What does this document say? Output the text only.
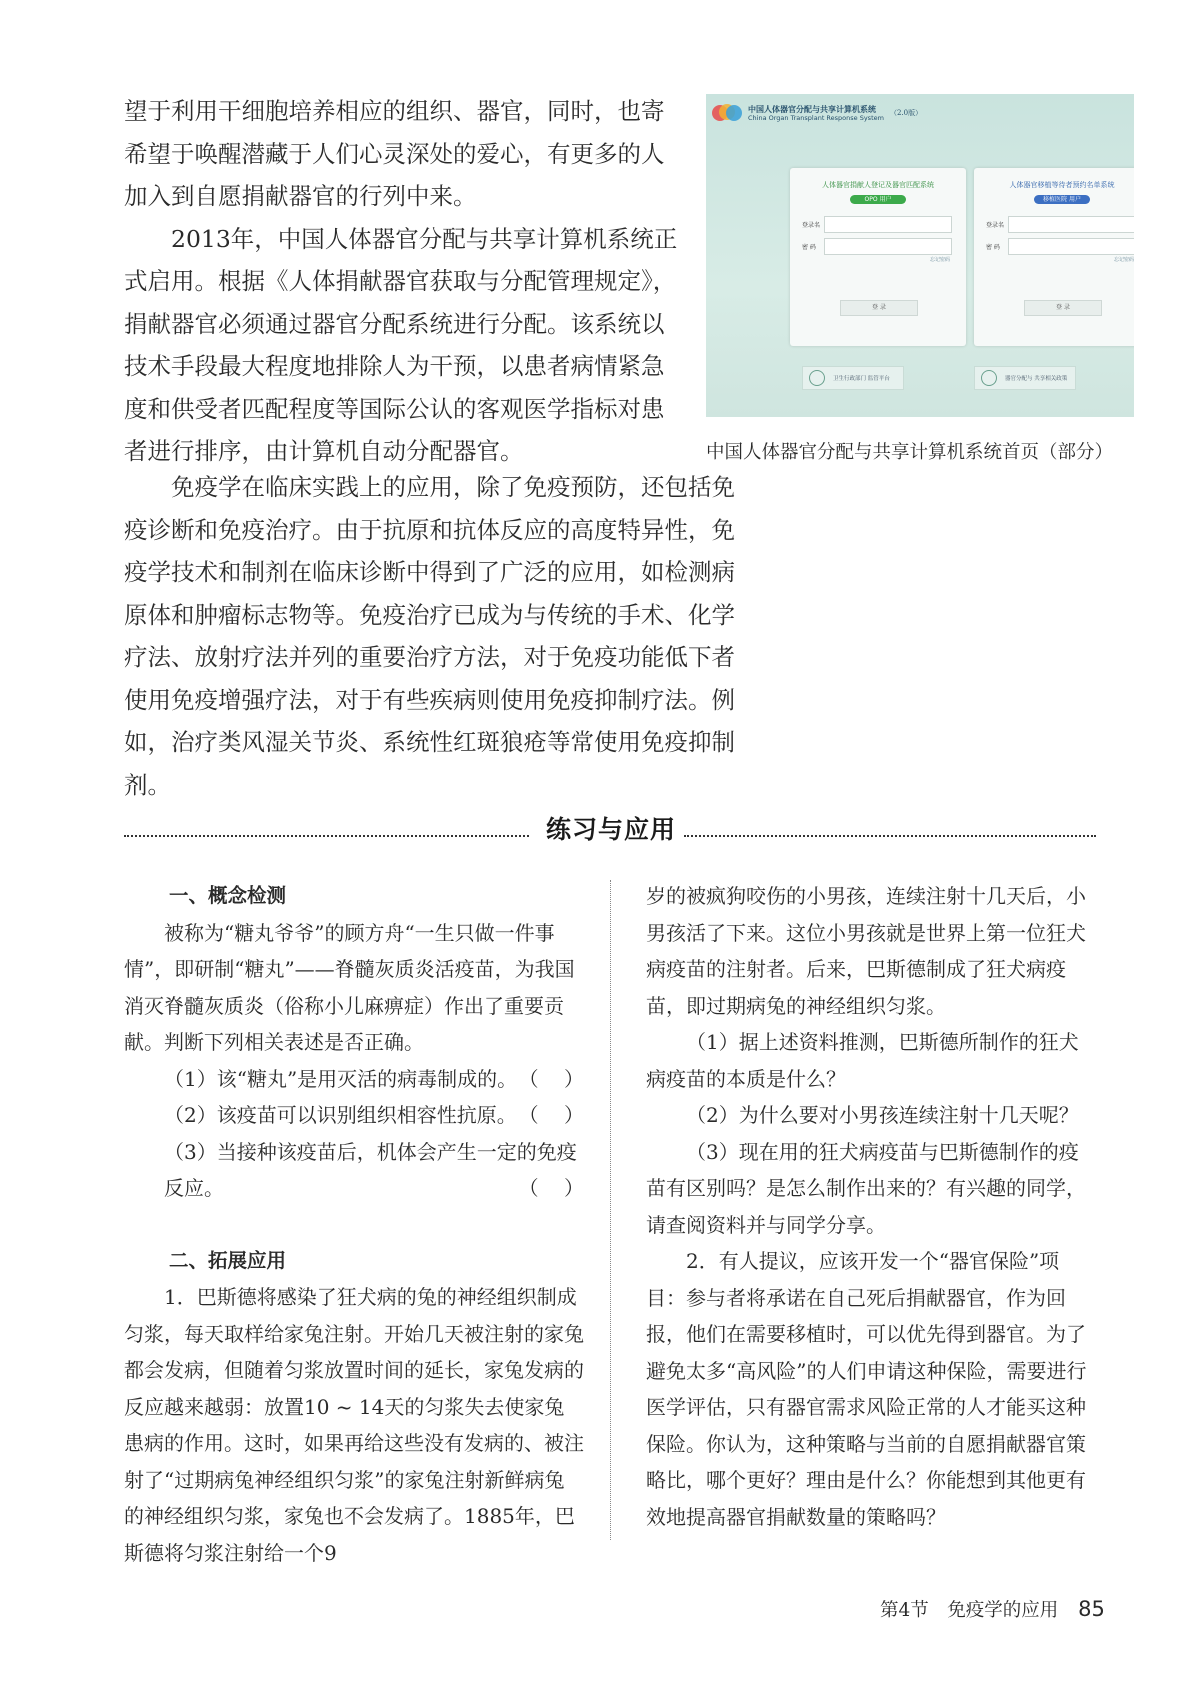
望于利用干细胞培养相应的组织、器官，同时，也寄希望于唤醒潜藏于人们心灵深处的爱心，有更多的人加入到自愿捐献器官的行列中来。

2013年，中国人体器官分配与共享计算机系统正式启用。根据《人体捐献器官获取与分配管理规定》，捐献器官必须通过器官分配系统进行分配。该系统以技术手段最大程度地排除人为干预，以患者病情紧急度和供受者匹配程度等国际公认的客观医学指标对患者进行排序，由计算机自动分配器官。

中国人体器官分配与共享计算机系统
China Organ Transplant Response System
（2.0版）
人体器官捐献人登记及器官匹配系统
OPO 用户
登录名
密 码
忘记密码
登 录
人体器官移植等待者预约名单系统
移植医院 用户
登录名
密 码
忘记密码
登 录
卫生行政部门 监管平台	器官分配与 共享相关政策
中国人体器官分配与共享计算机系统首页（部分）

免疫学在临床实践上的应用，除了免疫预防，还包括免疫诊断和免疫治疗。由于抗原和抗体反应的高度特异性，免疫学技术和制剂在临床诊断中得到了广泛的应用，如检测病原体和肿瘤标志物等。免疫治疗已成为与传统的手术、化学疗法、放射疗法并列的重要治疗方法，对于免疫功能低下者使用免疫增强疗法，对于有些疾病则使用免疫抑制疗法。例如，治疗类风湿关节炎、系统性红斑狼疮等常使用免疫抑制剂。

练习与应用

一、概念检测

被称为“糖丸爷爷”的顾方舟“一生只做一件事情”，即研制“糖丸”——脊髓灰质炎活疫苗，为我国消灭脊髓灰质炎（俗称小儿麻痹症）作出了重要贡献。判断下列相关表述是否正确。

（1）该“糖丸”是用灭活的病毒制成的。 （    ）
（2）该疫苗可以识别组织相容性抗原。 （    ）
（3）当接种该疫苗后，机体会产生一定的免疫反应。	（    ）

二、拓展应用

1．巴斯德将感染了狂犬病的兔的神经组织制成匀浆，每天取样给家兔注射。开始几天被注射的家兔都会发病，但随着匀浆放置时间的延长，家兔发病的反应越来越弱：放置10 ~ 14天的匀浆失去使家兔患病的作用。这时，如果再给这些没有发病的、被注射了“过期病兔神经组织匀浆”的家兔注射新鲜病兔的神经组织匀浆，家兔也不会发病了。1885年，巴斯德将匀浆注射给一个9

岁的被疯狗咬伤的小男孩，连续注射十几天后，小男孩活了下来。这位小男孩就是世界上第一位狂犬病疫苗的注射者。后来，巴斯德制成了狂犬病疫苗，即过期病兔的神经组织匀浆。

（1）据上述资料推测，巴斯德所制作的狂犬病疫苗的本质是什么？

（2）为什么要对小男孩连续注射十几天呢？

（3）现在用的狂犬病疫苗与巴斯德制作的疫苗有区别吗？是怎么制作出来的？有兴趣的同学，请查阅资料并与同学分享。

2．有人提议，应该开发一个“器官保险”项目：参与者将承诺在自己死后捐献器官，作为回报，他们在需要移植时，可以优先得到器官。为了避免太多“高风险”的人们申请这种保险，需要进行医学评估，只有器官需求风险正常的人才能买这种保险。你认为，这种策略与当前的自愿捐献器官策略比，哪个更好？理由是什么？你能想到其他更有效地提高器官捐献数量的策略吗？

第4节　免疫学的应用 85
